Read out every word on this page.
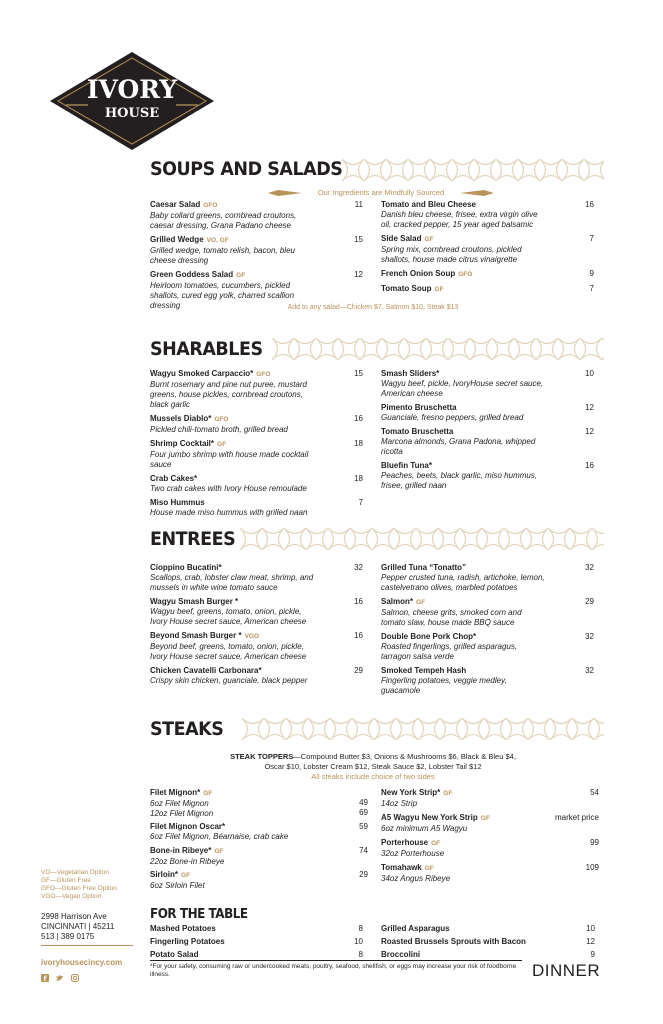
IVORY
HOUSE
SOUPS AND SALADS
SHARABLES
ENTREES
STEAKS
Our Ingredients are Mindfully Sourced
Caesar Salad GFO
Baby collard greens, cornbread croutons, caesar dressing, Grana Padano cheese
11
Grilled Wedge VO, GF
Grilled wedge, tomato relish, bacon, bleu cheese dressing
15
Green Goddess Salad GF
Heirloom tomatoes, cucumbers, pickled shallots, cured egg yolk, charred scallion dressing
12
Tomato and Bleu Cheese
Danish bleu cheese, frisee, extra virgin olive oil, cracked pepper, 15 year aged balsamic
16
Side Salad GF
Spring mix, cornbread croutons, pickled shallots, house made citrus vinaigrette
7
French Onion Soup GFO	9
Tomato Soup GF	7
Add to any salad—Chicken $7, Salmon $10, Steak $13
Wagyu Smoked Carpaccio* GFO
Burnt rosemary and pine nut puree, mustard greens, house pickles, cornbread croutons, black garlic
15
Mussels Diablo* GFO
Pickled chili-tomato broth, grilled bread
16
Shrimp Cocktail* GF
Four jumbo shrimp with house made cocktail sauce
18
Crab Cakes*
Two crab cakes with Ivory House remoulade
18
Miso Hummus
House made miso hummus with grilled naan
7
Smash Sliders*
Wagyu beef, pickle, IvoryHouse secret sauce, American cheese
10
Pimento Bruschetta
Guanciale, fresno peppers, grilled bread
12
Tomato Bruschetta
Marcona almonds, Grana Padona, whipped ricotta
12
Bluefin Tuna*
Peaches, beets, black garlic, miso hummus, frisee, grilled naan
16
Cioppino Bucatini*
Scallops, crab, lobster claw meat, shrimp, and mussels in white wine tomato sauce
32
Wagyu Smash Burger *
Wagyu beef, greens, tomato, onion, pickle, Ivory House secret sauce, American cheese
16
Beyond Smash Burger * VGO
Beyond beef, greens, tomato, onion, pickle, Ivory House secret sauce, American cheese
16
Chicken Cavatelli Carbonara*
Crispy skin chicken, guanciale, black pepper
29
Grilled Tuna “Tonatto”
Pepper crusted tuna, radish, artichoke, lemon, castelvetrano olives, marbled potatoes
32
Salmon* GF
Salmon, cheese grits, smoked corn and tomato slaw, house made BBQ sauce
29
Double Bone Pork Chop*
Roasted fingerlings, grilled asparagus, tarragon salsa verde
32
Smoked Tempeh Hash
Fingerling potatoes, veggie medley, guacamole
32
STEAK TOPPERS—Compound Butter $3, Onions & Mushrooms $6, Black & Bleu $4,
Oscar $10, Lobster Cream $12, Steak Sauce $2, Lobster Tail $12
All steaks include choice of two sides
Filet Mignon* GF
6oz Filet Mignon
12oz Filet Mignon
49
69
Filet Mignon Oscar*
6oz Filet Mignon, Béarnaise, crab cake
59
Bone-in Ribeye* GF
22oz Bone-in Ribeye
74
Sirloin* GF
6oz Sirloin Filet
29
New York Strip* GF
14oz Strip
54
A5 Wagyu New York Strip GF
6oz minimum A5 Wagyu
market price
Porterhouse GF
32oz Porterhouse
99
Tomahawk GF
34oz Angus Ribeye
109
FOR THE TABLE
Mashed Potatoes	8
Fingerling Potatoes	10
Potato Salad	8
Grilled Asparagus	10
Roasted Brussels Sprouts with Bacon	12
Broccolini	9
VO—Vegetarian Option
GF—Gluten Free
GFO—Gluten Free Option
VGO—Vegan Option
2998 Harrison Ave
CINCINNATI | 45211
513 | 389 0175
ivoryhousecincy.com
f

*For your safety, consuming raw or undercooked meats, poultry, seafood, shellfish, or eggs may increase your risk of foodborne illness.	DINNER
